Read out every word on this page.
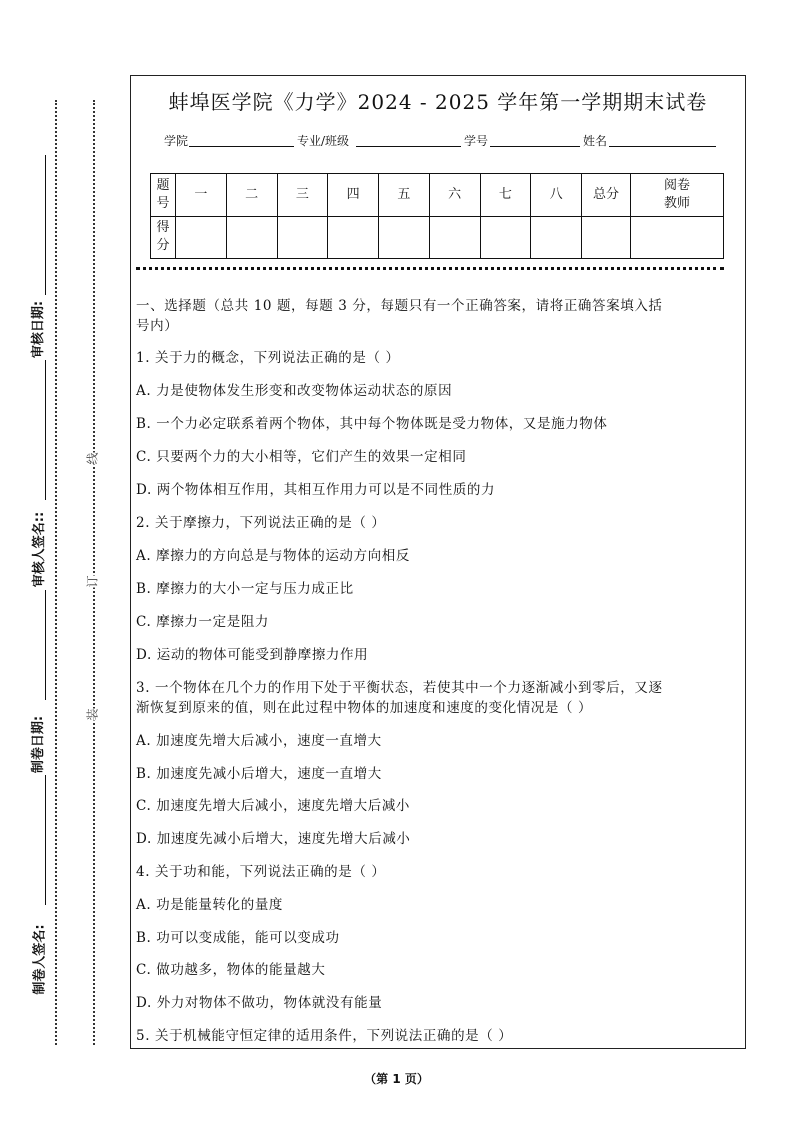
审核日期:
审核人签名::
制卷日期:
制卷人签名:
线
订
装
蚌埠医学院《力学》2024 - 2025 学年第一学期期末试卷
学院	专业/班级	学号	姓名
题号	一	二	三	四	五	六	七	八	总分	阅卷教师
得分										
一、选择题（总共 10 题，每题 3 分，每题只有一个正确答案，请将正确答案填入括
号内）
1. 关于力的概念，下列说法正确的是（ ）
A. 力是使物体发生形变和改变物体运动状态的原因
B. 一个力必定联系着两个物体，其中每个物体既是受力物体，又是施力物体
C. 只要两个力的大小相等，它们产生的效果一定相同
D. 两个物体相互作用，其相互作用力可以是不同性质的力
2. 关于摩擦力，下列说法正确的是（ ）
A. 摩擦力的方向总是与物体的运动方向相反
B. 摩擦力的大小一定与压力成正比
C. 摩擦力一定是阻力
D. 运动的物体可能受到静摩擦力作用
3. 一个物体在几个力的作用下处于平衡状态，若使其中一个力逐渐减小到零后，又逐
渐恢复到原来的值，则在此过程中物体的加速度和速度的变化情况是（ ）
A. 加速度先增大后减小，速度一直增大
B. 加速度先减小后增大，速度一直增大
C. 加速度先增大后减小，速度先增大后减小
D. 加速度先减小后增大，速度先增大后减小
4. 关于功和能，下列说法正确的是（ ）
A. 功是能量转化的量度
B. 功可以变成能，能可以变成功
C. 做功越多，物体的能量越大
D. 外力对物体不做功，物体就没有能量
5. 关于机械能守恒定律的适用条件，下列说法正确的是（ ）
（第 1 页）
